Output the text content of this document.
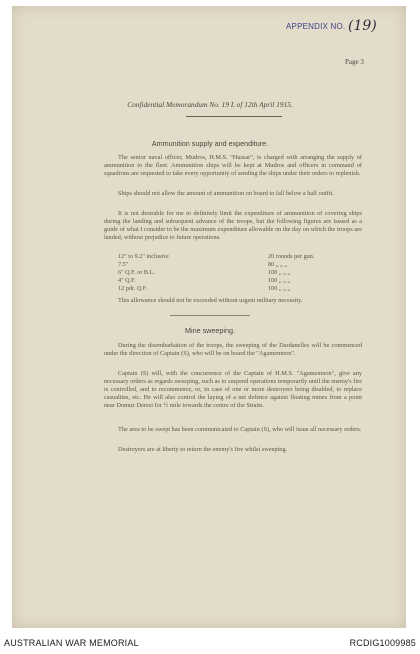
APPENDIX NO. (19)
Page 3
Confidential Memorandum No. 19 L of 12th April 1915.
Ammunition supply and expenditure.

The senior naval officer, Mudros, H.M.S. "Hussar", is charged with arranging the supply of ammunition to the fleet. Ammunition ships will be kept at Mudros and officers in command of squadrons are requested to take every opportunity of sending the ships under their orders to replenish.

Ships should not allow the amount of ammunition on board to fall below a half outfit.

It is not desirable for me to definitely limit the expenditure of ammunition of covering ships during the landing and subsequent advance of the troops, but the following figures are issued as a guide of what I consider to be the maximum expenditure allowable on the day on which the troops are landed, without prejudice to future operations.

12" to 9.2" inclusive	20 rounds per gun.
7.5"	80 „ „ „
6" Q.F. or B.L.	100 „ „ „
4" Q.F.	100 „ „ „
12 pdr. Q.F.	100 „ „ „

This allowance should not be exceeded without urgent military necessity.

Mine sweeping.

During the disembarkation of the troops, the sweeping of the Dardanelles will be commenced under the direction of Captain (S), who will be on board the "Agamemnon".

Captain (S) will, with the concurrence of the Captain of H.M.S. "Agamemnon", give any necessary orders as regards sweeping, such as to suspend operations temporarily until the enemy's fire is controlled, and to recommence, or, in case of one or more destroyers being disabled, to replace casualties, etc. He will also control the laying of a net defence against floating mines from a point near Domuz Deresi for ½ mile towards the centre of the Straits.

The area to be swept has been communicated to Captain (S), who will issue all necessary orders.

Destroyers are at liberty to return the enemy's fire whilst sweeping.

AUSTRALIAN WAR MEMORIAL	RCDIG1009985
